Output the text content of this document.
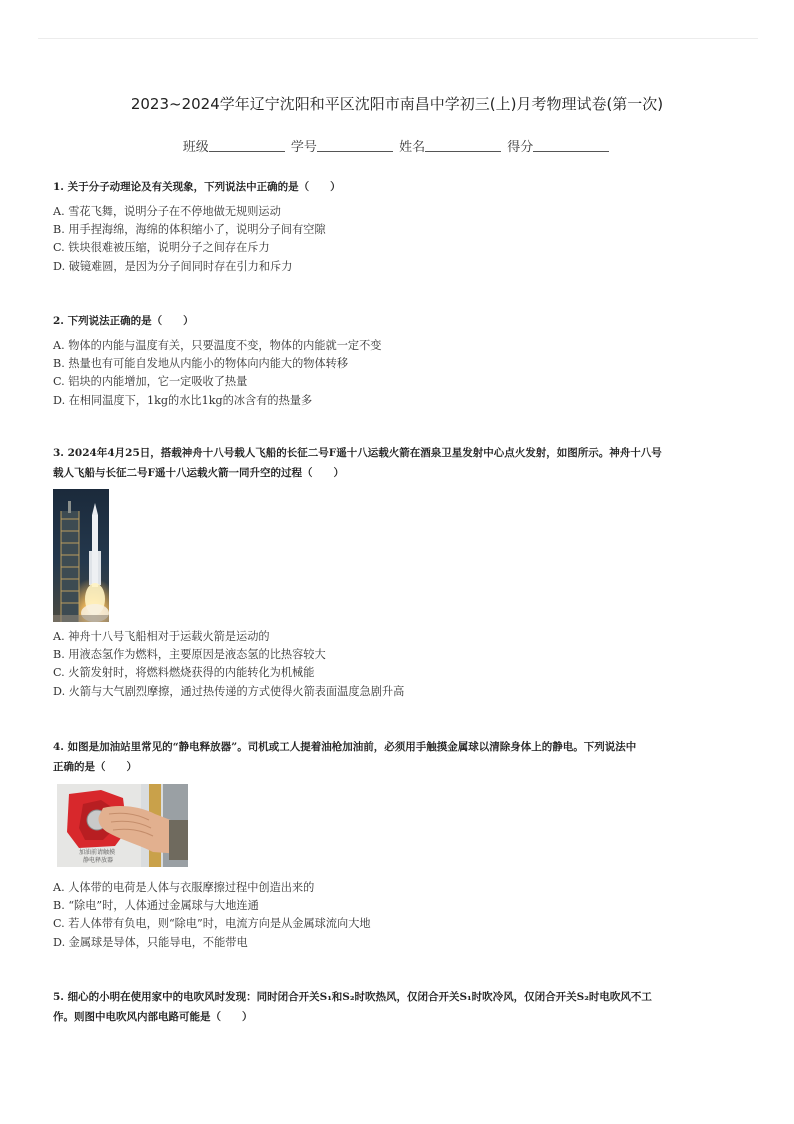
2023~2024学年辽宁沈阳和平区沈阳市南昌中学初三(上)月考物理试卷(第一次)
班级	学号	姓名	得分
1. 关于分子动理论及有关现象，下列说法中正确的是（　　）
A. 雪花飞舞，说明分子在不停地做无规则运动
B. 用手捏海绵，海绵的体积缩小了，说明分子间有空隙
C. 铁块很难被压缩，说明分子之间存在斥力
D. 破镜难圆，是因为分子间同时存在引力和斥力
2. 下列说法正确的是（　　）
A. 物体的内能与温度有关，只要温度不变，物体的内能就一定不变
B. 热量也有可能自发地从内能小的物体向内能大的物体转移
C. 铝块的内能增加，它一定吸收了热量
D. 在相同温度下，1kg的水比1kg的冰含有的热量多
3. 2024年4月25日，搭载神舟十八号载人飞船的长征二号F遥十八运载火箭在酒泉卫星发射中心点火发射，如图所示。神舟十八号
载人飞船与长征二号F遥十八运载火箭一同升空的过程（　　）
A. 神舟十八号飞船相对于运载火箭是运动的
B. 用液态氢作为燃料，主要原因是液态氢的比热容较大
C. 火箭发射时，将燃料燃烧获得的内能转化为机械能
D. 火箭与大气剧烈摩擦，通过热传递的方式使得火箭表面温度急剧升高
4. 如图是加油站里常见的“静电释放器”。司机或工人提着油枪加油前，必须用手触摸金属球以清除身体上的静电。下列说法中
正确的是（　　）
加油前请触摸
静电释放器
A. 人体带的电荷是人体与衣服摩擦过程中创造出来的
B. “除电”时，人体通过金属球与大地连通
C. 若人体带有负电，则“除电”时，电流方向是从金属球流向大地
D. 金属球是导体，只能导电，不能带电
5. 细心的小明在使用家中的电吹风时发现：同时闭合开关S₁和S₂时吹热风，仅闭合开关S₁时吹冷风，仅闭合开关S₂时电吹风不工
作。则图中电吹风内部电路可能是（　　）
